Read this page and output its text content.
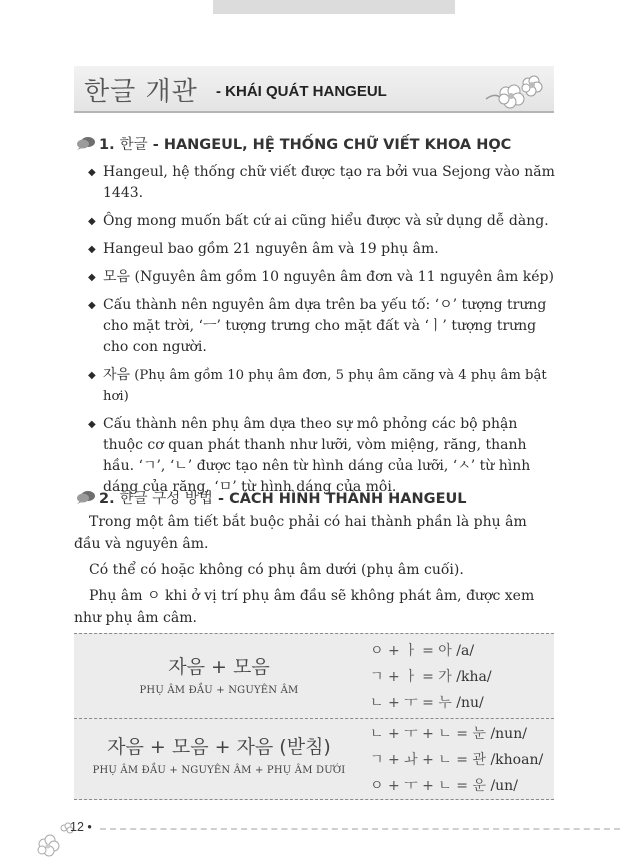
한글 개관 - KHÁI QUÁT HANGEUL
1. 한글 - HANGEUL, HỆ THỐNG CHỮ VIẾT KHOA HỌC
◆ Hangeul, hệ thống chữ viết được tạo ra bởi vua Sejong vào năm 1443.
◆ Ông mong muốn bất cứ ai cũng hiểu được và sử dụng dễ dàng.
◆ Hangeul bao gồm 21 nguyên âm và 19 phụ âm.
◆ 모음 (Nguyên âm gồm 10 nguyên âm đơn và 11 nguyên âm kép)
◆ Cấu thành nên nguyên âm dựa trên ba yếu tố: ‘ㅇ’ tượng trưng cho mặt trời, ‘ㅡ’ tượng trưng cho mặt đất và ‘ㅣ’ tượng trưng cho con người.
◆ 자음 (Phụ âm gồm 10 phụ âm đơn, 5 phụ âm căng và 4 phụ âm bật hơi)
◆ Cấu thành nên phụ âm dựa theo sự mô phỏng các bộ phận thuộc cơ quan phát thanh như lưỡi, vòm miệng, răng, thanh hầu. ‘ㄱ’, ‘ㄴ’ được tạo nên từ hình dáng của lưỡi, ‘ㅅ’ từ hình dáng của răng, ‘ㅁ’ từ hình dáng của môi.
2. 한글 구성 방법 - CÁCH HÌNH THÀNH HANGEUL
Trong một âm tiết bắt buộc phải có hai thành phần là phụ âm đầu và nguyên âm.
Có thể có hoặc không có phụ âm dưới (phụ âm cuối).
Phụ âm ㅇ khi ở vị trí phụ âm đầu sẽ không phát âm, được xem như phụ âm câm.
자음 + 모음
PHỤ ÂM ĐẦU + NGUYÊN ÂM
ㅇ + ㅏ = 아 /a/
ㄱ + ㅏ = 가 /kha/
ㄴ + ㅜ = 누 /nu/
자음 + 모음 + 자음 (받침)
PHỤ ÂM ĐẦU + NGUYÊN ÂM + PHỤ ÂM DƯỚI
ㄴ + ㅜ + ㄴ = 눈 /nun/
ㄱ + ㅘ + ㄴ = 관 /khoan/
ㅇ + ㅜ + ㄴ = 운 /un/
12 •
